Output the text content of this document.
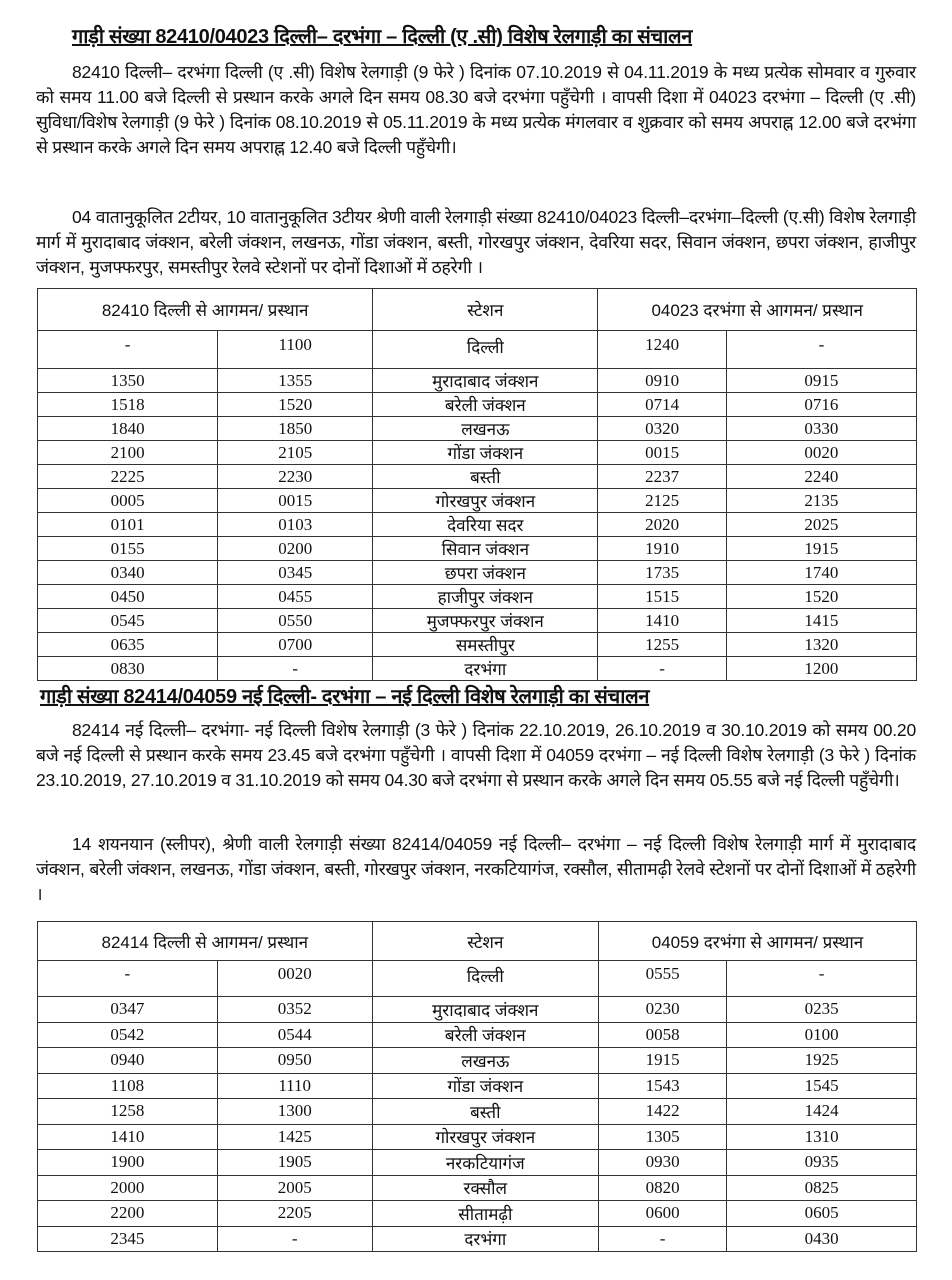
गाड़ी संख्या 82410/04023 दिल्ली– दरभंगा – दिल्ली (ए .सी) विशेष रेलगाड़ी का संचालन
82410 दिल्ली– दरभंगा दिल्ली (ए .सी) विशेष रेलगाड़ी (9 फेरे ) दिनांक 07.10.2019 से 04.11.2019 के मध्य प्रत्येक सोमवार व गुरुवार को समय 11.00 बजे दिल्ली से प्रस्थान करके अगले दिन समय 08.30 बजे दरभंगा पहुँचेगी । वापसी दिशा में 04023 दरभंगा – दिल्ली (ए .सी) सुविधा/विशेष रेलगाड़ी (9 फेरे ) दिनांक 08.10.2019 से 05.11.2019 के मध्य प्रत्येक मंगलवार व शुक्रवार को समय अपराह्न 12.00 बजे दरभंगा से प्रस्थान करके अगले दिन समय अपराह्न 12.40 बजे दिल्ली पहुँचेगी।
04 वातानुकूलित 2टीयर, 10 वातानुकूलित 3टीयर श्रेणी वाली रेलगाड़ी संख्या 82410/04023 दिल्ली–दरभंगा–दिल्ली (ए.सी) विशेष रेलगाड़ी मार्ग में मुरादाबाद जंक्शन, बरेली जंक्शन, लखनऊ, गोंडा जंक्शन, बस्ती, गोरखपुर जंक्शन, देवरिया सदर, सिवान जंक्शन, छपरा जंक्शन, हाजीपुर जंक्शन, मुजफ्फरपुर, समस्तीपुर रेलवे स्टेशनों पर दोनों दिशाओं में ठहरेगी ।
82410 दिल्ली से आगमन/ प्रस्थान		स्टेशन	04023 दरभंगा से आगमन/ प्रस्थान	
-	1100	दिल्ली	1240	-
1350	1355	मुरादाबाद जंक्शन	0910	0915
1518	1520	बरेली जंक्शन	0714	0716
1840	1850	लखनऊ	0320	0330
2100	2105	गोंडा जंक्शन	0015	0020
2225	2230	बस्ती	2237	2240
0005	0015	गोरखपुर जंक्शन	2125	2135
0101	0103	देवरिया सदर	2020	2025
0155	0200	सिवान जंक्शन	1910	1915
0340	0345	छपरा जंक्शन	1735	1740
0450	0455	हाजीपुर जंक्शन	1515	1520
0545	0550	मुजफ्फरपुर जंक्शन	1410	1415
0635	0700	समस्तीपुर	1255	1320
0830	-	दरभंगा	-	1200
गाड़ी संख्या 82414/04059 नई दिल्ली- दरभंगा – नई दिल्ली विशेष रेलगाड़ी का संचालन
82414 नई दिल्ली– दरभंगा- नई दिल्ली विशेष रेलगाड़ी (3 फेरे ) दिनांक 22.10.2019, 26.10.2019 व 30.10.2019 को समय 00.20 बजे नई दिल्ली से प्रस्थान करके समय 23.45 बजे दरभंगा पहुँचेगी । वापसी दिशा में 04059 दरभंगा – नई दिल्ली विशेष रेलगाड़ी (3 फेरे ) दिनांक 23.10.2019, 27.10.2019 व 31.10.2019 को समय 04.30 बजे दरभंगा से प्रस्थान करके अगले दिन समय 05.55 बजे नई दिल्ली पहुँचेगी।
14 शयनयान (स्लीपर), श्रेणी वाली रेलगाड़ी संख्या 82414/04059 नई दिल्ली– दरभंगा – नई दिल्ली विशेष रेलगाड़ी मार्ग में मुरादाबाद जंक्शन, बरेली जंक्शन, लखनऊ, गोंडा जंक्शन, बस्ती, गोरखपुर जंक्शन, नरकटियागंज, रक्सौल, सीतामढ़ी रेलवे स्टेशनों पर दोनों दिशाओं में ठहरेगी ।
82414 दिल्ली से आगमन/ प्रस्थान		स्टेशन	04059 दरभंगा से आगमन/ प्रस्थान	
-	0020	दिल्ली	0555	-
0347	0352	मुरादाबाद जंक्शन	0230	0235
0542	0544	बरेली जंक्शन	0058	0100
0940	0950	लखनऊ	1915	1925
1108	1110	गोंडा जंक्शन	1543	1545
1258	1300	बस्ती	1422	1424
1410	1425	गोरखपुर जंक्शन	1305	1310
1900	1905	नरकटियागंज	0930	0935
2000	2005	रक्सौल	0820	0825
2200	2205	सीतामढ़ी	0600	0605
2345	-	दरभंगा	-	0430
